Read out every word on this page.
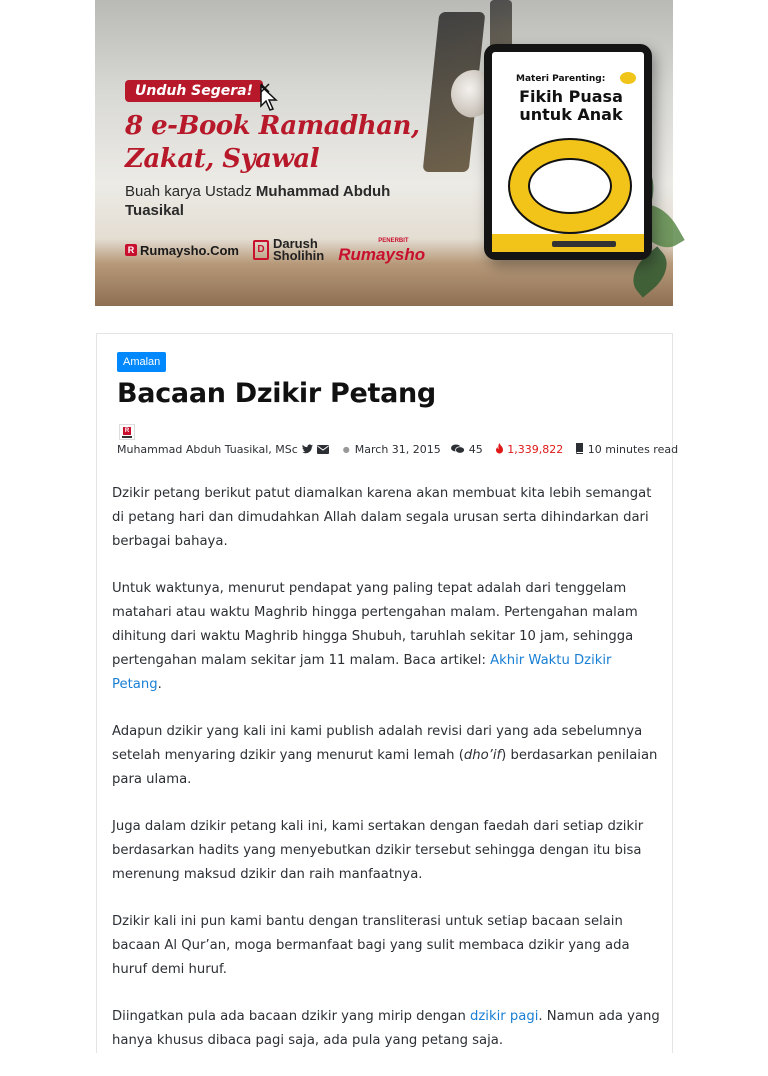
Unduh Segera!
8 e-Book Ramadhan,
Zakat, Syawal
Buah karya Ustadz Muhammad Abduh Tuasikal
R Rumaysho.Com	D Darush
Sholihin
PENERBIT
Rumaysho
Materi Parenting:
Fikih Puasa untuk Anak
Amalan
Bacaan Dzikir Petang
R
Muhammad Abduh Tuasikal, MSc	● March 31, 2015	45	1,339,822	10 minutes read

Dzikir petang berikut patut diamalkan karena akan membuat kita lebih semangat di petang hari dan dimudahkan Allah dalam segala urusan serta dihindarkan dari berbagai bahaya.

Untuk waktunya, menurut pendapat yang paling tepat adalah dari tenggelam matahari atau waktu Maghrib hingga pertengahan malam. Pertengahan malam dihitung dari waktu Maghrib hingga Shubuh, taruhlah sekitar 10 jam, sehingga pertengahan malam sekitar jam 11 malam. Baca artikel: Akhir Waktu Dzikir Petang.

Adapun dzikir yang kali ini kami publish adalah revisi dari yang ada sebelumnya setelah menyaring dzikir yang menurut kami lemah (dho’if) berdasarkan penilaian para ulama.

Juga dalam dzikir petang kali ini, kami sertakan dengan faedah dari setiap dzikir berdasarkan hadits yang menyebutkan dzikir tersebut sehingga dengan itu bisa merenung maksud dzikir dan raih manfaatnya.

Dzikir kali ini pun kami bantu dengan transliterasi untuk setiap bacaan selain bacaan Al Qur’an, moga bermanfaat bagi yang sulit membaca dzikir yang ada huruf demi huruf.

Diingatkan pula ada bacaan dzikir yang mirip dengan dzikir pagi. Namun ada yang hanya khusus dibaca pagi saja, ada pula yang petang saja.
